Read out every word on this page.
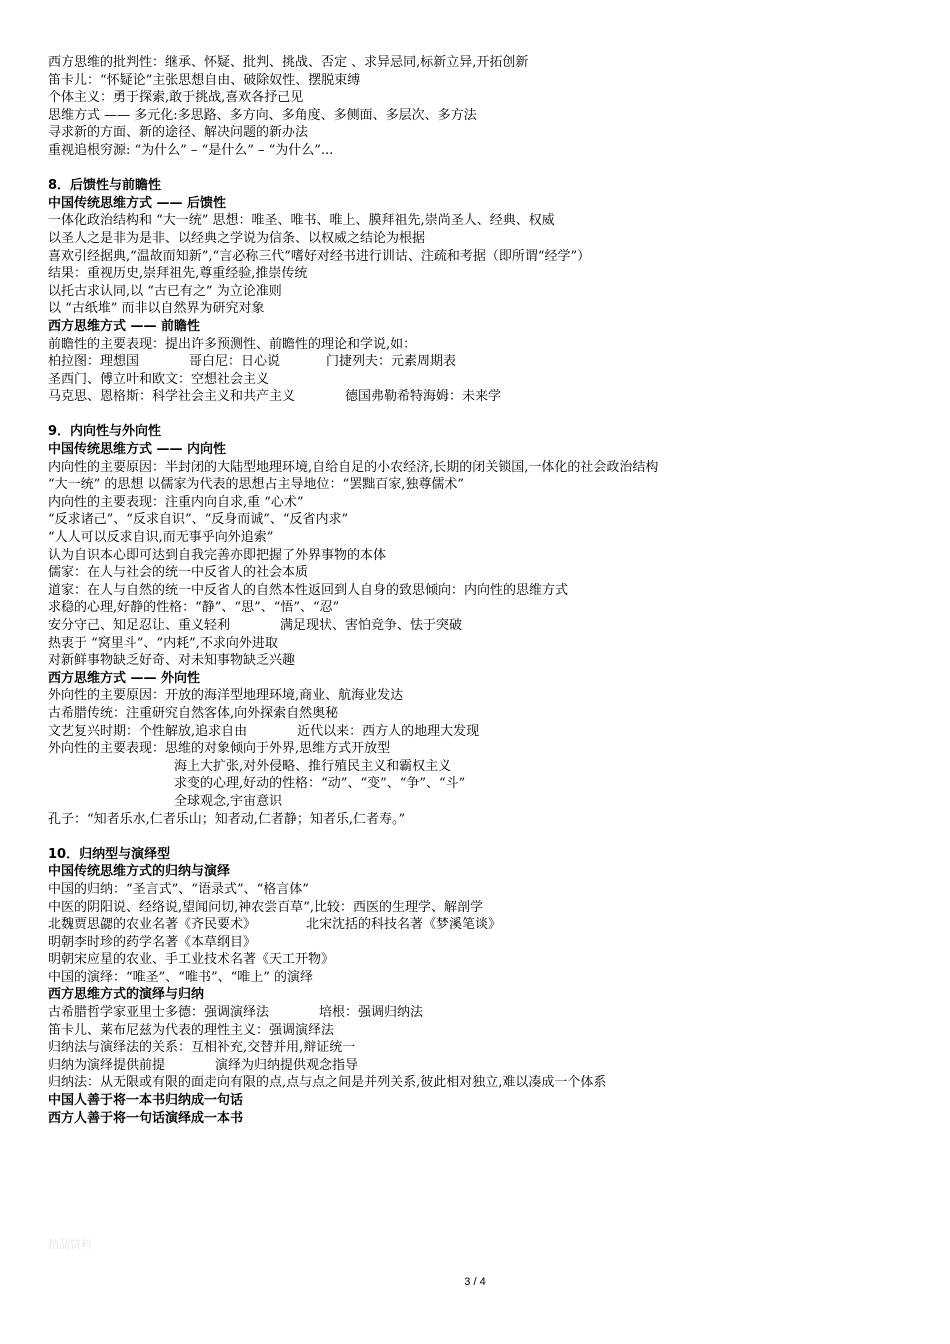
西方思维的批判性：继承、怀疑、批判、挑战、否定 、求异忌同,标新立异,开拓创新
笛卡儿：“怀疑论”主张思想自由、破除奴性、摆脱束缚
个体主义：勇于探索,敢于挑战,喜欢各抒己见
思维方式 —— 多元化:多思路、多方向、多角度、多侧面、多层次、多方法
寻求新的方面、新的途径、解决问题的新办法
重视追根穷源: “为什么” – “是什么” – “为什么”...
8．后馈性与前瞻性
中国传统思维方式 —— 后馈性
一体化政治结构和 “大一统” 思想：唯圣、唯书、唯上、膜拜祖先,崇尚圣人、经典、权威
以圣人之是非为是非、以经典之学说为信条、以权威之结论为根据
喜欢引经据典,“温故而知新”,“言必称三代”嗜好对经书进行训诂、注疏和考据（即所谓“经学”）
结果：重视历史,崇拜祖先,尊重经验,推崇传统
以托古求认同,以 “古已有之” 为立论准则
以 “古纸堆” 而非以自然界为研究对象
西方思维方式 —— 前瞻性
前瞻性的主要表现：提出许多预测性、前瞻性的理论和学说,如：
柏拉图：理想国	哥白尼：日心说	门捷列夫：元素周期表
圣西门、傅立叶和欧文：空想社会主义
马克思、恩格斯：科学社会主义和共产主义	德国弗勒希特海姆：未来学
9．内向性与外向性
中国传统思维方式 —— 内向性
内向性的主要原因：半封闭的大陆型地理环境,自给自足的小农经济,长期的闭关锁国,一体化的社会政治结构
“大一统” 的思想 以儒家为代表的思想占主导地位：“罢黜百家,独尊儒术”
内向性的主要表现：注重内向自求,重 “心术”
“反求诸己”、“反求自识”、“反身而诚”、“反省内求”
“人人可以反求自识,而无事乎向外追索”
认为自识本心即可达到自我完善亦即把握了外界事物的本体
儒家：在人与社会的统一中反省人的社会本质
道家：在人与自然的统一中反省人的自然本性返回到人自身的致思倾向：内向性的思维方式
求稳的心理,好静的性格：“静”、“思”、“悟”、“忍”
安分守己、知足忍让、重义轻利	满足现状、害怕竞争、怯于突破
热衷于 “窝里斗”、“内耗”,不求向外进取
对新鲜事物缺乏好奇、对未知事物缺乏兴趣
西方思维方式 —— 外向性
外向性的主要原因：开放的海洋型地理环境,商业、航海业发达
古希腊传统：注重研究自然客体,向外探索自然奥秘
文艺复兴时期：个性解放,追求自由	近代以来：西方人的地理大发现
外向性的主要表现：思维的对象倾向于外界,思维方式开放型
海上大扩张,对外侵略、推行殖民主义和霸权主义
求变的心理,好动的性格：“动”、“变”、“争”、“斗”
全球观念,宇宙意识
孔子：“知者乐水,仁者乐山；知者动,仁者静；知者乐,仁者寿。”
10．归纳型与演绎型
中国传统思维方式的归纳与演绎
中国的归纳：“圣言式”、“语录式”、“格言体”
中医的阴阳说、经络说,望闻问切,神农尝百草”,比较：西医的生理学、解剖学
北魏贾思勰的农业名著《齐民要术》	北宋沈括的科技名著《梦溪笔谈》
明朝李时珍的药学名著《本草纲目》
明朝宋应星的农业、手工业技术名著《天工开物》
中国的演绎：“唯圣”、“唯书”、“唯上” 的演绎
西方思维方式的演绎与归纳
古希腊哲学家亚里士多德：强调演绎法	培根：强调归纳法
笛卡儿、莱布尼兹为代表的理性主义：强调演绎法
归纳法与演绎法的关系：互相补充,交替并用,辩证统一
归纳为演绎提供前提	演绎为归纳提供观念指导
归纳法：从无限或有限的面走向有限的点,点与点之间是并列关系,彼此相对独立,难以凑成一个体系
中国人善于将一本书归纳成一句话
西方人善于将一句话演绎成一本书
精品资料
3 / 4
